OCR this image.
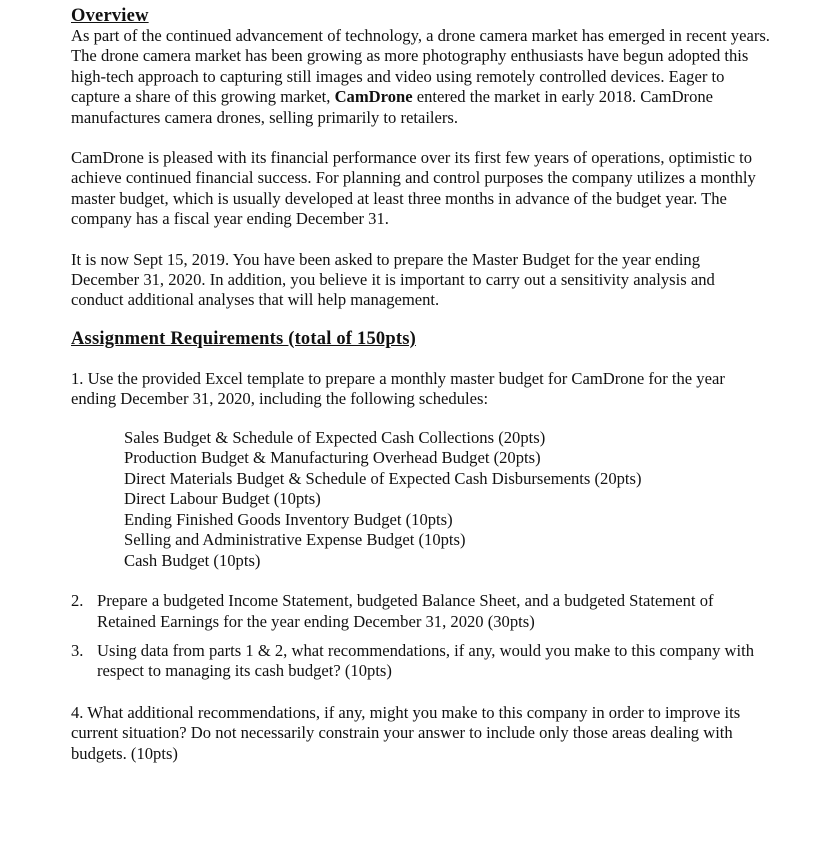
Overview

As part of the continued advancement of technology, a drone camera market has emerged in recent years. The drone camera market has been growing as more photography enthusiasts have begun adopted this high-tech approach to capturing still images and video using remotely controlled devices. Eager to capture a share of this growing market, CamDrone entered the market in early 2018. CamDrone manufactures camera drones, selling primarily to retailers.

CamDrone is pleased with its financial performance over its first few years of operations, optimistic to achieve continued financial success. For planning and control purposes the company utilizes a monthly master budget, which is usually developed at least three months in advance of the budget year. The company has a fiscal year ending December 31.

It is now Sept 15, 2019. You have been asked to prepare the Master Budget for the year ending December 31, 2020. In addition, you believe it is important to carry out a sensitivity analysis and conduct additional analyses that will help management.

Assignment Requirements (total of 150pts)

1. Use the provided Excel template to prepare a monthly master budget for CamDrone for the year ending December 31, 2020, including the following schedules:

Sales Budget & Schedule of Expected Cash Collections (20pts)
Production Budget & Manufacturing Overhead Budget (20pts)
Direct Materials Budget & Schedule of Expected Cash Disbursements (20pts)
Direct Labour Budget (10pts)
Ending Finished Goods Inventory Budget (10pts)
Selling and Administrative Expense Budget (10pts)
Cash Budget (10pts)
2. Prepare a budgeted Income Statement, budgeted Balance Sheet, and a budgeted Statement of Retained Earnings for the year ending December 31, 2020 (30pts)
3. Using data from parts 1 & 2, what recommendations, if any, would you make to this company with respect to managing its cash budget? (10pts)

4. What additional recommendations, if any, might you make to this company in order to improve its current situation? Do not necessarily constrain your answer to include only those areas dealing with budgets. (10pts)
